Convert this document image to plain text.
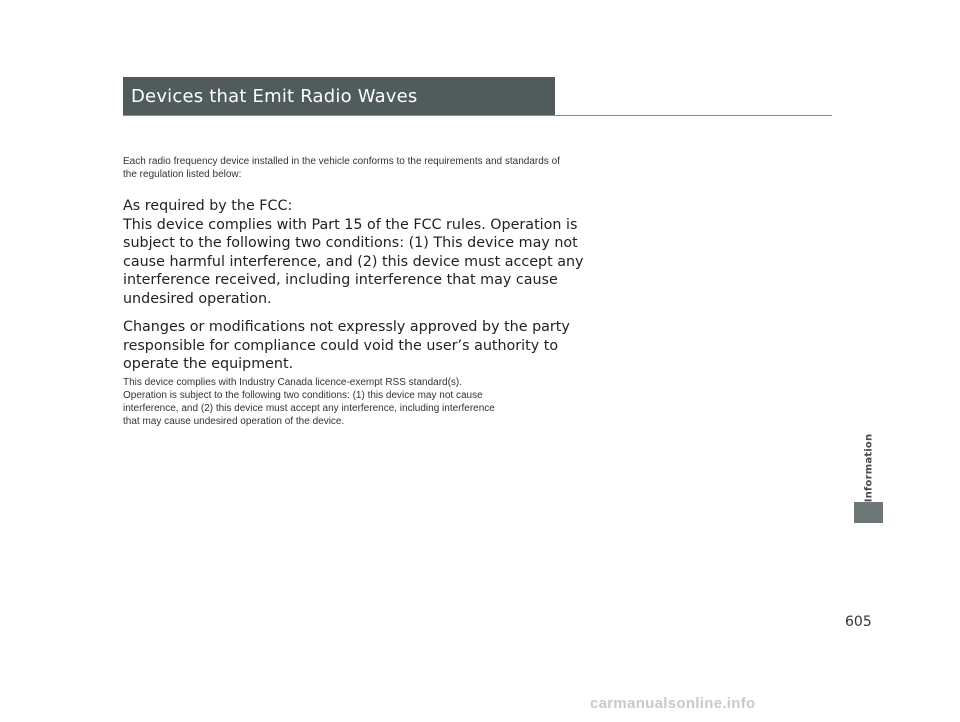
Devices that Emit Radio Waves
Each radio frequency device installed in the vehicle conforms to the requirements and standards of the regulation listed below:

As required by the FCC:

This device complies with Part 15 of the FCC rules. Operation is

subject to the following two conditions: (1) This device may not

cause harmful interference, and (2) this device must accept any

interference received, including interference that may cause

undesired operation.

Changes or modifications not expressly approved by the party

responsible for compliance could void the user’s authority to

operate the equipment.

This device complies with Industry Canada licence-exempt RSS standard(s).

Operation is subject to the following two conditions: (1) this device may not cause

interference, and (2) this device must accept any interference, including interference

that may cause undesired operation of the device.

Information
605
carmanualsonline.info
